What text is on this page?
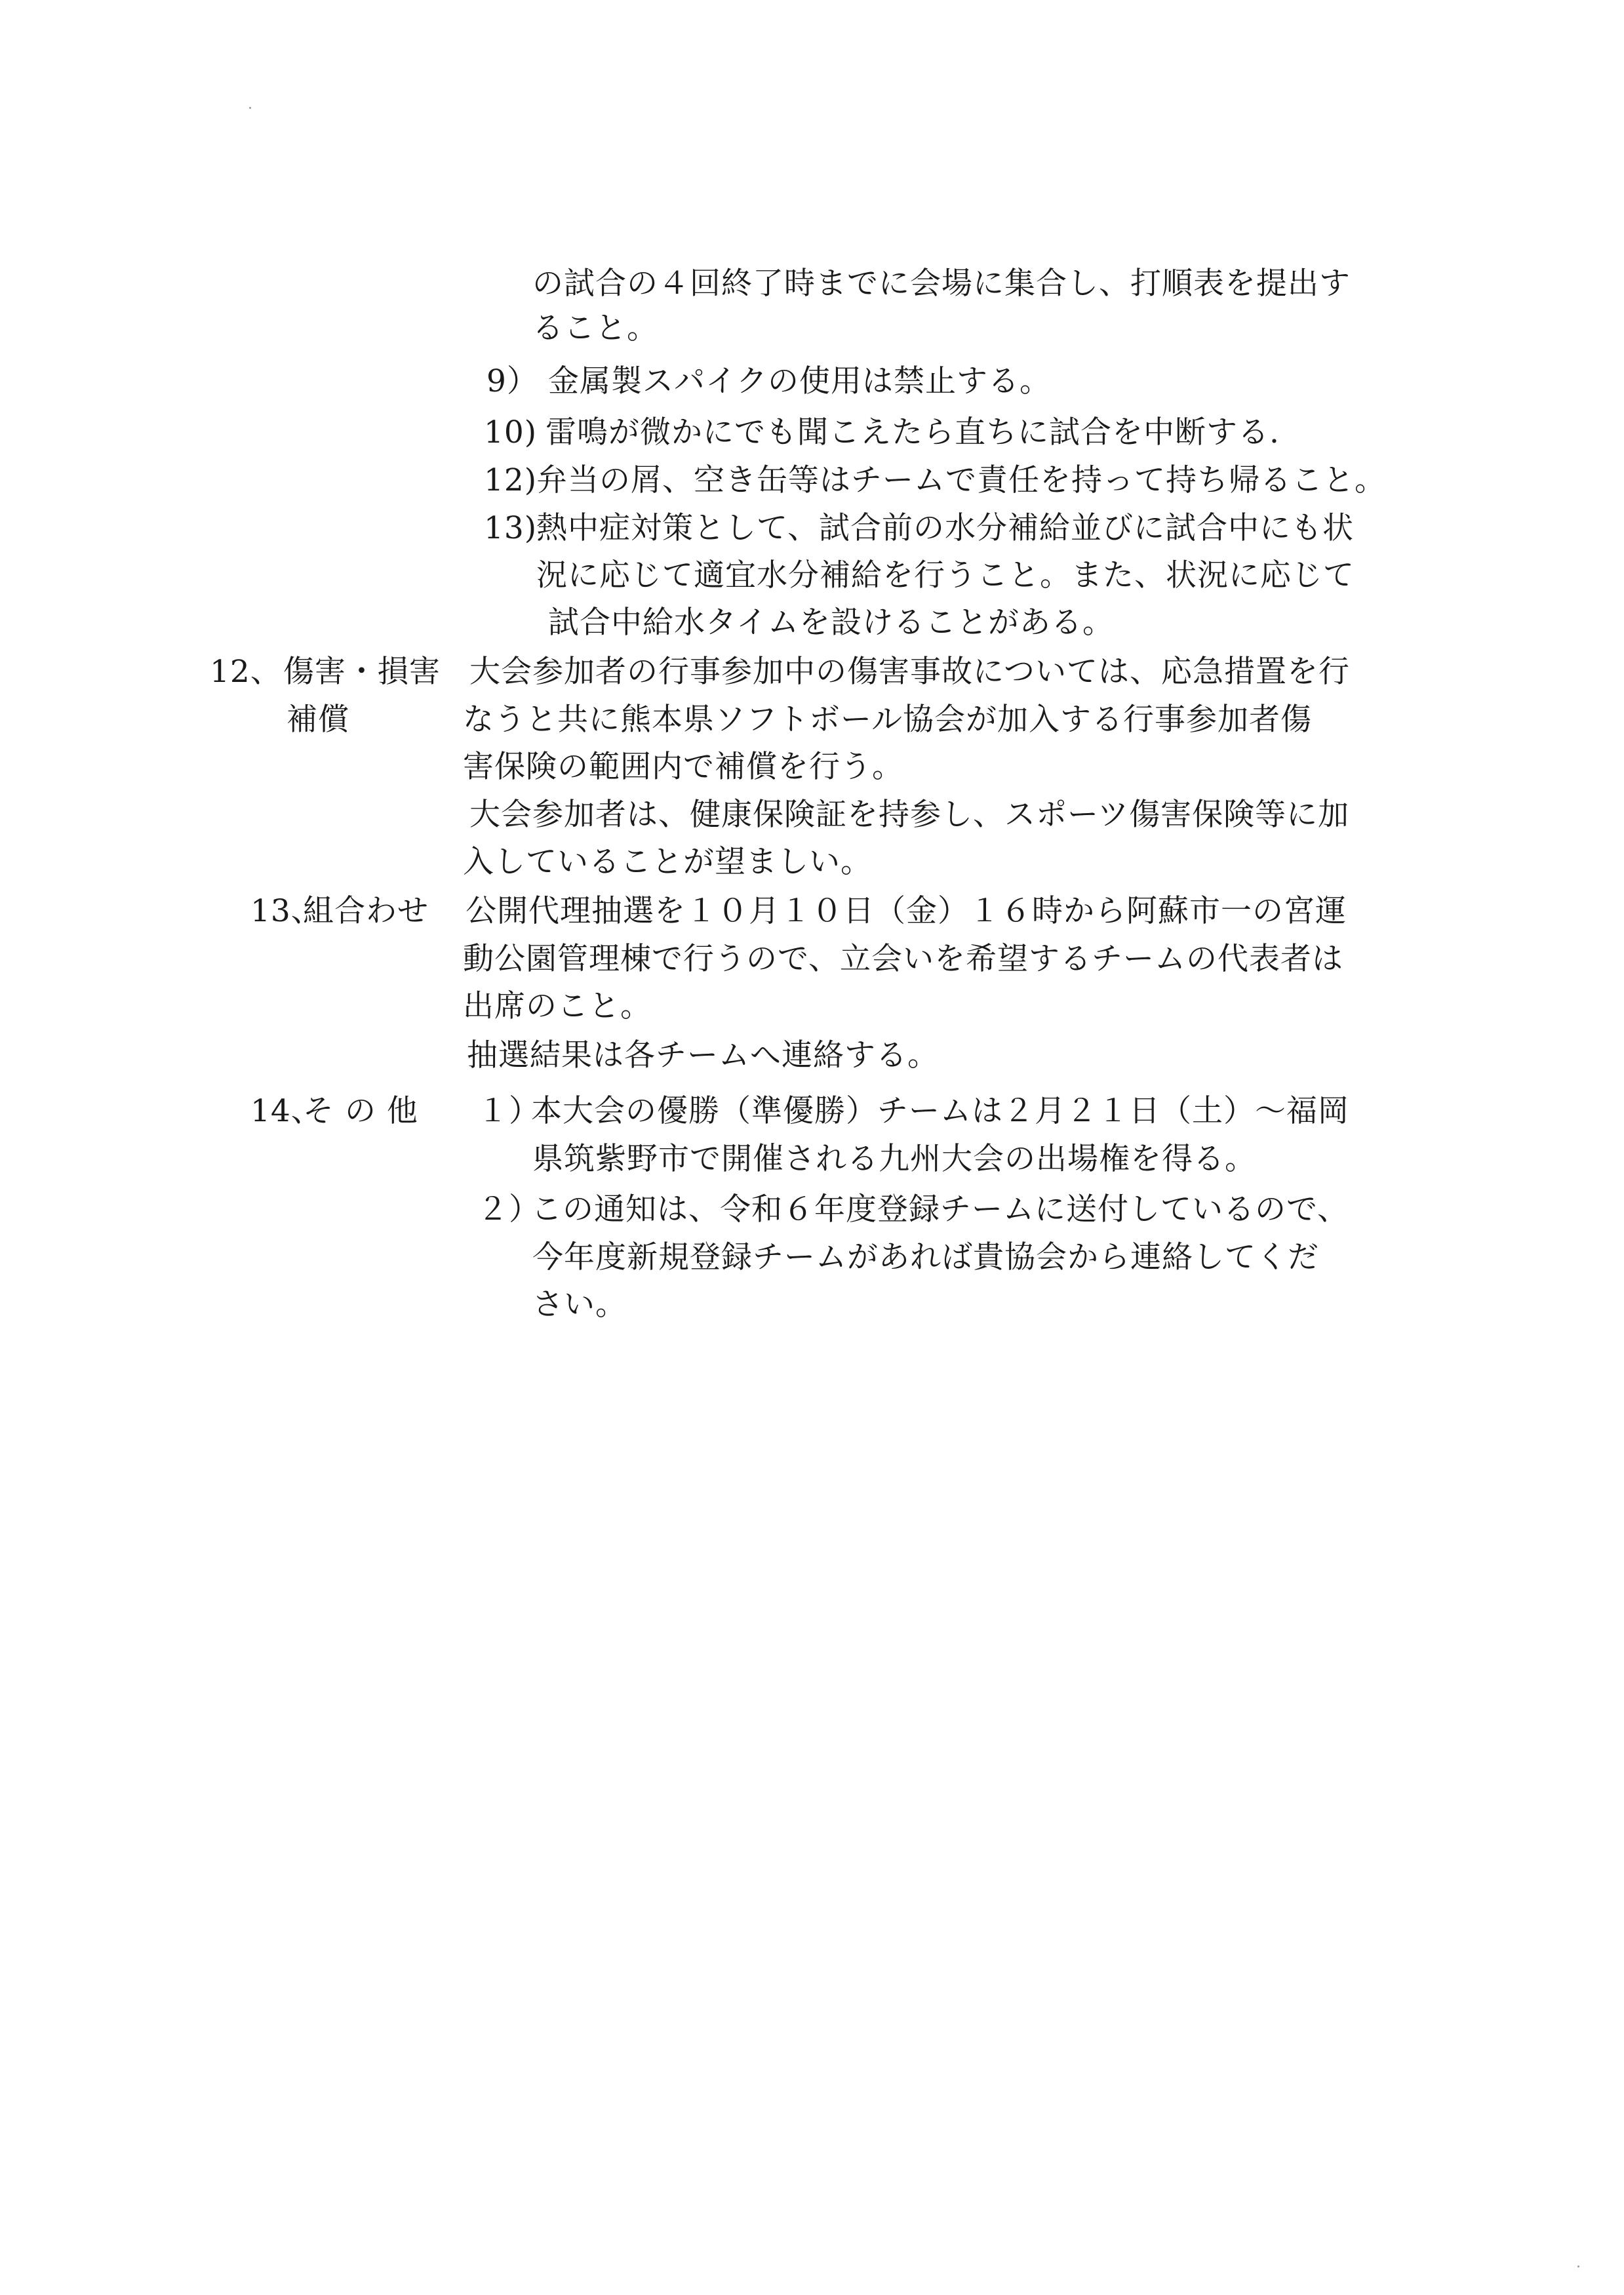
の試合の４回終了時までに会場に集合し、打順表を提出す
ること。
9） 金属製スパイクの使用は禁止する。
10) 雷鳴が微かにでも聞こえたら直ちに試合を中断する.
12)
弁当の屑、空き缶等はチームで責任を持って持ち帰ること。
13)
熱中症対策として、試合前の水分補給並びに試合中にも状
況に応じて適宜水分補給を行うこと。また、状況に応じて
試合中給水タイムを設けることがある。
12、 傷害・損害
補償
大会参加者の行事参加中の傷害事故については、応急措置を行
なうと共に熊本県ソフトボール協会が加入する行事参加者傷
害保険の範囲内で補償を行う。
大会参加者は、健康保険証を持参し、スポーツ傷害保険等に加
入していることが望ましい。
13、
組合わせ 公開代理抽選を１０月１０日（金）１６時から阿蘇市一の宮運
動公園管理棟で行うので、立会いを希望するチームの代表者は
出席のこと。
抽選結果は各チームへ連絡する。
14、
そ の 他 １）
本大会の優勝（準優勝）チームは２月２１日（土）～福岡
県筑紫野市で開催される九州大会の出場権を得る。
２）
この通知は、令和６年度登録チームに送付しているので、
今年度新規登録チームがあれば貴協会から連絡してくだ
さい。
